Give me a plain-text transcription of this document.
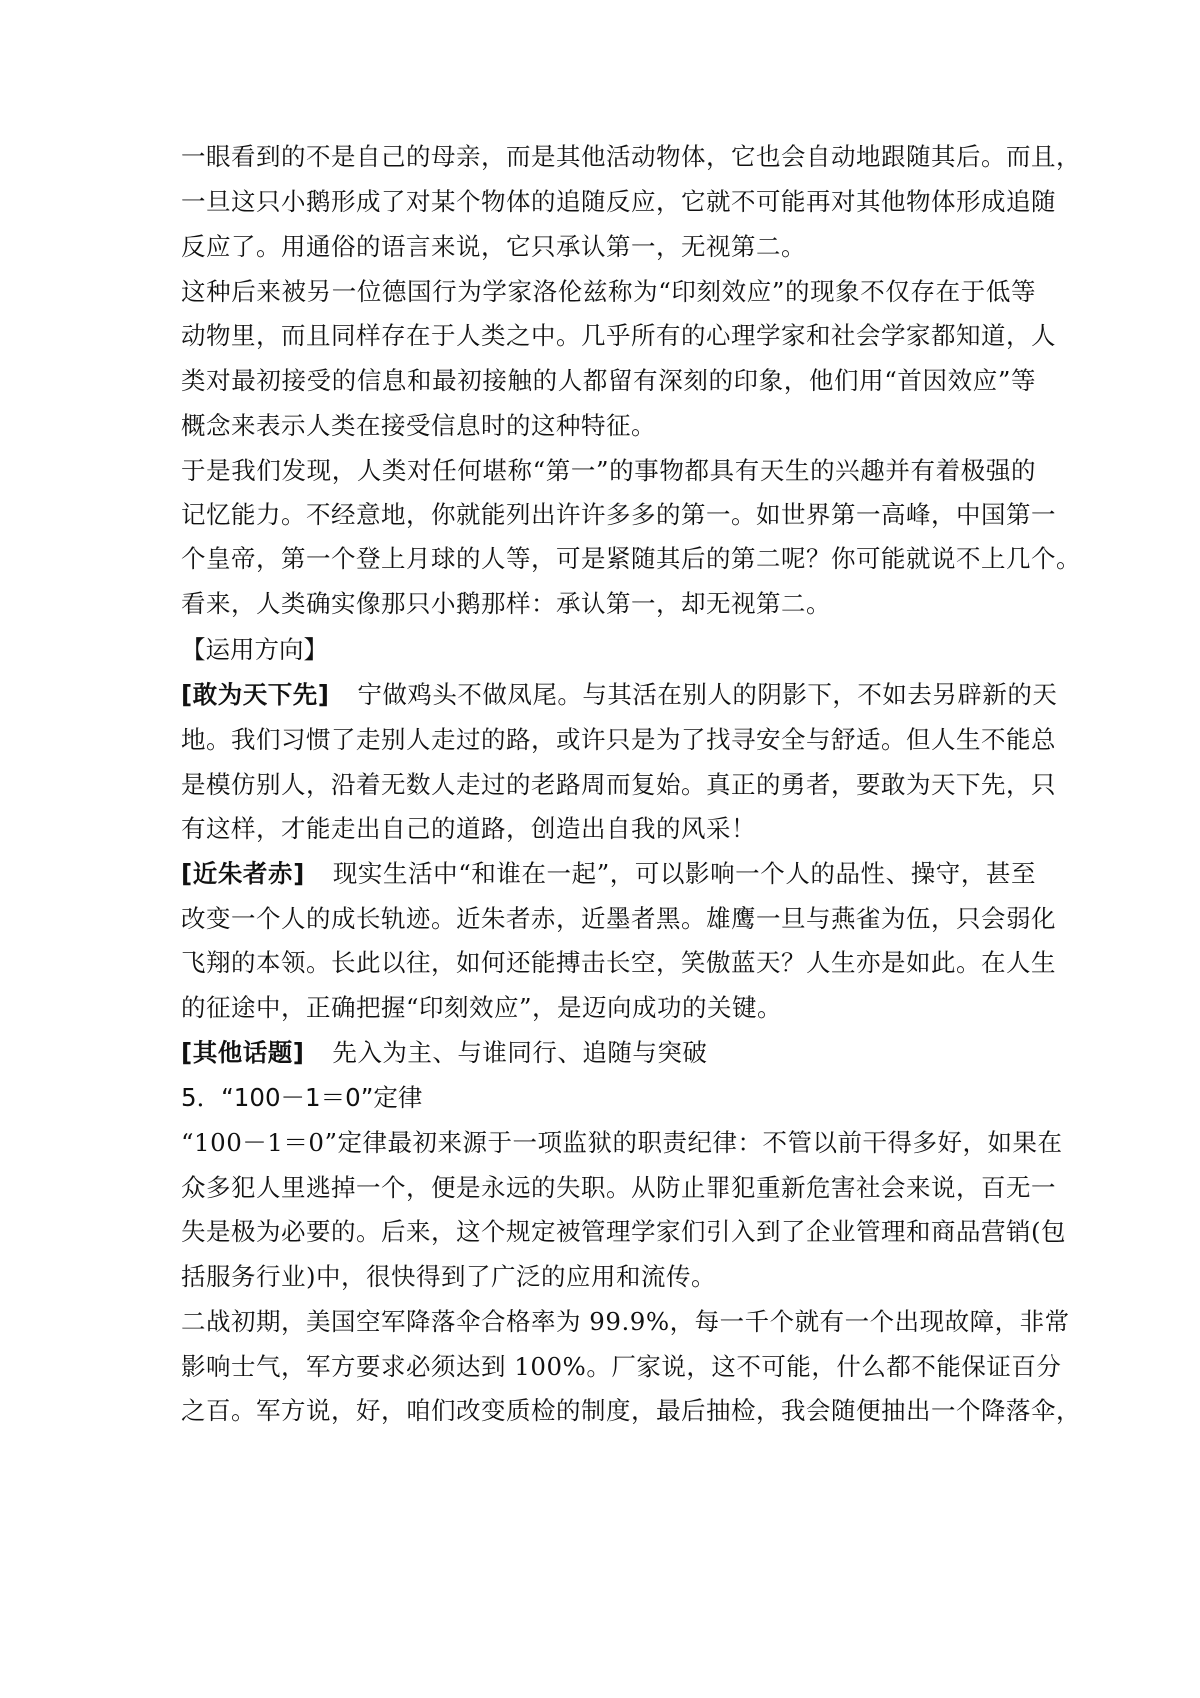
一眼看到的不是自己的母亲，而是其他活动物体，它也会自动地跟随其后。而且，
一旦这只小鹅形成了对某个物体的追随反应，它就不可能再对其他物体形成追随
反应了。用通俗的语言来说，它只承认第一，无视第二。
这种后来被另一位德国行为学家洛伦兹称为“印刻效应”的现象不仅存在于低等
动物里，而且同样存在于人类之中。几乎所有的心理学家和社会学家都知道，人
类对最初接受的信息和最初接触的人都留有深刻的印象，他们用“首因效应”等
概念来表示人类在接受信息时的这种特征。
于是我们发现，人类对任何堪称“第一”的事物都具有天生的兴趣并有着极强的
记忆能力。不经意地，你就能列出许许多多的第一。如世界第一高峰，中国第一
个皇帝，第一个登上月球的人等，可是紧随其后的第二呢？你可能就说不上几个。
看来，人类确实像那只小鹅那样：承认第一，却无视第二。
【运用方向】
[敢为天下先] 宁做鸡头不做凤尾。与其活在别人的阴影下，不如去另辟新的天
地。我们习惯了走别人走过的路，或许只是为了找寻安全与舒适。但人生不能总
是模仿别人，沿着无数人走过的老路周而复始。真正的勇者，要敢为天下先，只
有这样，才能走出自己的道路，创造出自我的风采！
[近朱者赤] 现实生活中“和谁在一起”，可以影响一个人的品性、操守，甚至
改变一个人的成长轨迹。近朱者赤，近墨者黑。雄鹰一旦与燕雀为伍，只会弱化
飞翔的本领。长此以往，如何还能搏击长空，笑傲蓝天？人生亦是如此。在人生
的征途中，正确把握“印刻效应”，是迈向成功的关键。
[其他话题] 先入为主、与谁同行、追随与突破
5．“100－1＝0”定律
“100－1＝0”定律最初来源于一项监狱的职责纪律：不管以前干得多好，如果在
众多犯人里逃掉一个，便是永远的失职。从防止罪犯重新危害社会来说，百无一
失是极为必要的。后来，这个规定被管理学家们引入到了企业管理和商品营销(包
括服务行业)中，很快得到了广泛的应用和流传。
二战初期，美国空军降落伞合格率为 99.9%，每一千个就有一个出现故障，非常
影响士气，军方要求必须达到 100%。厂家说，这不可能，什么都不能保证百分
之百。军方说，好，咱们改变质检的制度，最后抽检，我会随便抽出一个降落伞，
